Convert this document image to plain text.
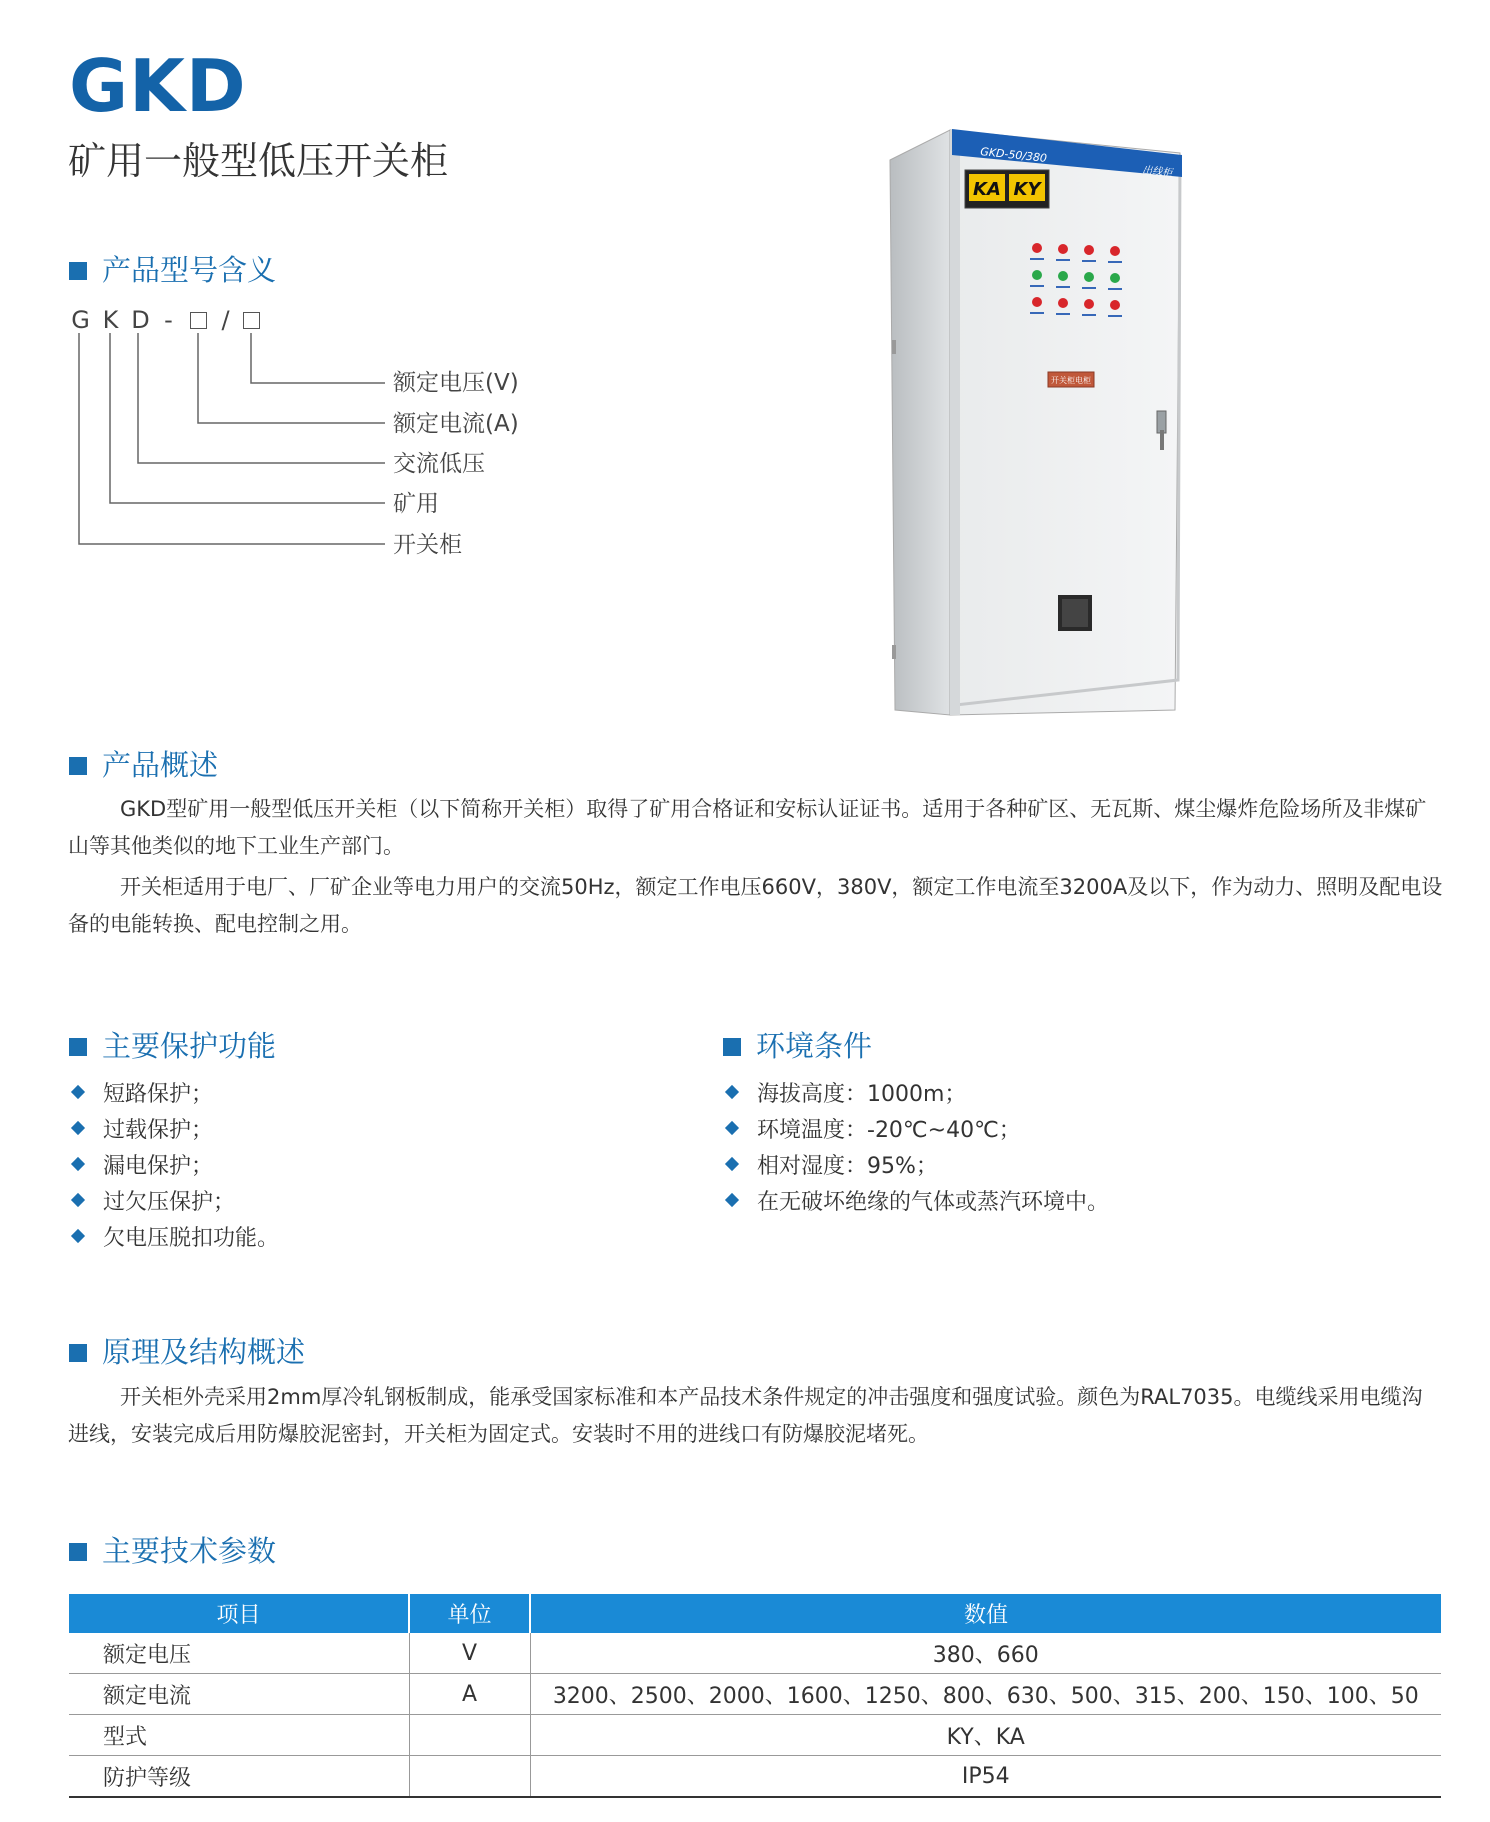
GKD
矿用一般型低压开关柜
产品型号含义
G K D - /
额定电压(V)
额定电流(A)
交流低压
矿用
开关柜
GKD-50/380
出线柜
KA KY
开关柜电柜
产品概述

GKD型矿用一般型低压开关柜（以下简称开关柜）取得了矿用合格证和安标认证证书。适用于各种矿区、无瓦斯、煤尘爆炸危险场所及非煤矿山等其他类似的地下工业生产部门。

开关柜适用于电厂、厂矿企业等电力用户的交流50Hz，额定工作电压660V，380V，额定工作电流至3200A及以下，作为动力、照明及配电设备的电能转换、配电控制之用。

主要保护功能
短路保护；
过载保护；
漏电保护；
过欠压保护；
欠电压脱扣功能。
环境条件
海拔高度：1000m；
环境温度：-20℃~40℃；
相对湿度：95%；
在无破坏绝缘的气体或蒸汽环境中。
原理及结构概述

开关柜外壳采用2mm厚冷轧钢板制成，能承受国家标准和本产品技术条件规定的冲击强度和强度试验。颜色为RAL7035。电缆线采用电缆沟进线，安装完成后用防爆胶泥密封，开关柜为固定式。安装时不用的进线口有防爆胶泥堵死。

主要技术参数
项目	单位	数值
额定电压	V	380、660
额定电流	A	3200、2500、2000、1600、1250、800、630、500、315、200、150、100、50
型式		KY、KA
防护等级		IP54
